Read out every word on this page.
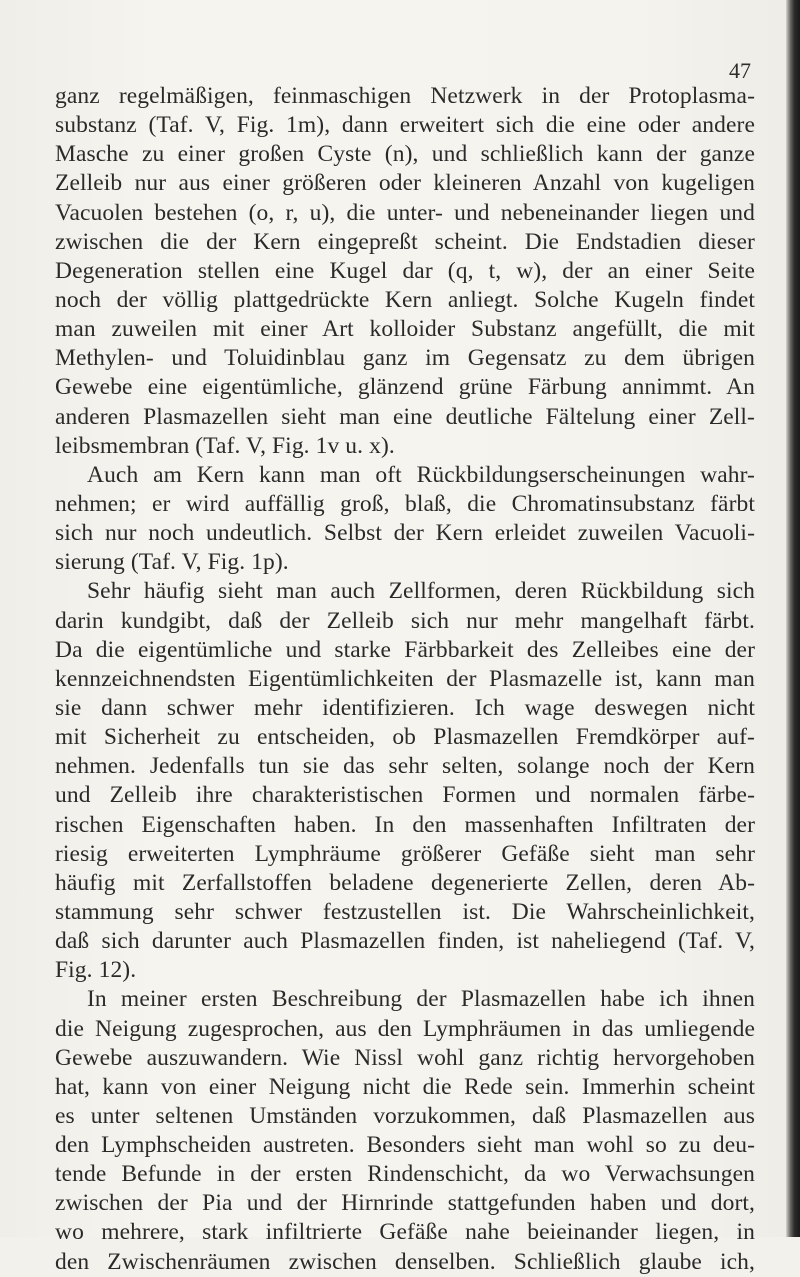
47
ganz regelmäßigen, feinmaschigen Netzwerk in der Protoplasma-
substanz (Taf. V, Fig. 1m), dann erweitert sich die eine oder andere
Masche zu einer großen Cyste (n), und schließlich kann der ganze
Zelleib nur aus einer größeren oder kleineren Anzahl von kugeligen
Vacuolen bestehen (o, r, u), die unter- und nebeneinander liegen und
zwischen die der Kern eingepreßt scheint. Die Endstadien dieser
Degeneration stellen eine Kugel dar (q, t, w), der an einer Seite
noch der völlig plattgedrückte Kern anliegt. Solche Kugeln findet
man zuweilen mit einer Art kolloider Substanz angefüllt, die mit
Methylen- und Toluidinblau ganz im Gegensatz zu dem übrigen
Gewebe eine eigentümliche, glänzend grüne Färbung annimmt. An
anderen Plasmazellen sieht man eine deutliche Fältelung einer Zell-
leibsmembran (Taf. V, Fig. 1v u. x).
Auch am Kern kann man oft Rückbildungserscheinungen wahr-
nehmen; er wird auffällig groß, blaß, die Chromatinsubstanz färbt
sich nur noch undeutlich. Selbst der Kern erleidet zuweilen Vacuoli-
sierung (Taf. V, Fig. 1p).
Sehr häufig sieht man auch Zellformen, deren Rückbildung sich
darin kundgibt, daß der Zelleib sich nur mehr mangelhaft färbt.
Da die eigentümliche und starke Färbbarkeit des Zelleibes eine der
kennzeichnendsten Eigentümlichkeiten der Plasmazelle ist, kann man
sie dann schwer mehr identifizieren. Ich wage deswegen nicht
mit Sicherheit zu entscheiden, ob Plasmazellen Fremdkörper auf-
nehmen. Jedenfalls tun sie das sehr selten, solange noch der Kern
und Zelleib ihre charakteristischen Formen und normalen färbe-
rischen Eigenschaften haben. In den massenhaften Infiltraten der
riesig erweiterten Lymphräume größerer Gefäße sieht man sehr
häufig mit Zerfallstoffen beladene degenerierte Zellen, deren Ab-
stammung sehr schwer festzustellen ist. Die Wahrscheinlichkeit,
daß sich darunter auch Plasmazellen finden, ist naheliegend (Taf. V,
Fig. 12).
In meiner ersten Beschreibung der Plasmazellen habe ich ihnen
die Neigung zugesprochen, aus den Lymphräumen in das umliegende
Gewebe auszuwandern. Wie Nissl wohl ganz richtig hervorgehoben
hat, kann von einer Neigung nicht die Rede sein. Immerhin scheint
es unter seltenen Umständen vorzukommen, daß Plasmazellen aus
den Lymphscheiden austreten. Besonders sieht man wohl so zu deu-
tende Befunde in der ersten Rindenschicht, da wo Verwachsungen
zwischen der Pia und der Hirnrinde stattgefunden haben und dort,
wo mehrere, stark infiltrierte Gefäße nahe beieinander liegen, in
den Zwischenräumen zwischen denselben. Schließlich glaube ich,
